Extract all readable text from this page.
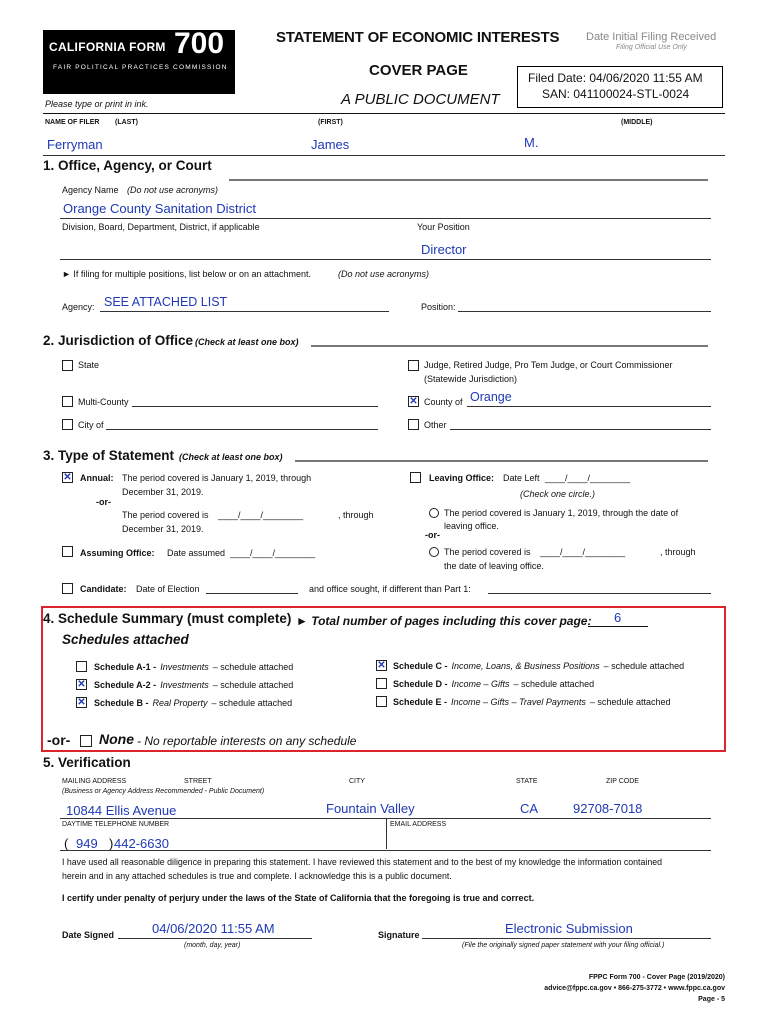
CALIFORNIA FORM 700
FAIR POLITICAL PRACTICES COMMISSION
STATEMENT OF ECONOMIC INTERESTS
COVER PAGE
A PUBLIC DOCUMENT
Please type or print in ink.
Date Initial Filing Received
Filing Official Use Only
Filed Date: 04/06/2020 11:55 AM
SAN: 041100024-STL-0024
NAME OF FILER (LAST)	(FIRST)	(MIDDLE)
Ferryman	James	M.
1. Office, Agency, or Court
Agency Name (Do not use acronyms)
Orange County Sanitation District
Division, Board, Department, District, if applicable	Your Position
Director
► If filing for multiple positions, list below or on an attachment.	(Do not use acronyms)
Agency: SEE ATTACHED LIST	Position:
2. Jurisdiction of Office (Check at least one box)
State	Judge, Retired Judge, Pro Tem Judge, or Court Commissioner
(Statewide Jurisdiction)
Multi-County	✕ County of Orange
City of	Other
3. Type of Statement (Check at least one box)
✕ Annual: The period covered is January 1, 2019, through
December 31, 2019.
-or-
The period covered is ____/____/________	, through
December 31, 2019.
Assuming Office: Date assumed ____/____/________
Leaving Office: Date Left ____/____/________
(Check one circle.)
The period covered is January 1, 2019, through the date of
leaving office.
-or-
The period covered is ____/____/________	, through
the date of leaving office.
Candidate: Date of Election	and office sought, if different than Part 1:
4. Schedule Summary (must complete) ► Total number of pages including this cover page: 6
Schedules attached
Schedule A-1 - Investments – schedule attached
✕ Schedule A-2 - Investments – schedule attached
✕ Schedule B - Real Property – schedule attached
✕ Schedule C - Income, Loans, & Business Positions – schedule attached
Schedule D - Income – Gifts – schedule attached
Schedule E - Income – Gifts – Travel Payments – schedule attached
-or- None - No reportable interests on any schedule
5. Verification
MAILING ADDRESS	STREET	CITY	STATE	ZIP CODE
(Business or Agency Address Recommended - Public Document)
10844 Ellis Avenue	Fountain Valley	CA	92708-7018
DAYTIME TELEPHONE NUMBER	EMAIL ADDRESS
( 949 ) 442-6630
I have used all reasonable diligence in preparing this statement. I have reviewed this statement and to the best of my knowledge the information contained
herein and in any attached schedules is true and complete. I acknowledge this is a public document.
I certify under penalty of perjury under the laws of the State of California that the foregoing is true and correct.
Date Signed	04/06/2020 11:55 AM
(month, day, year)
Signature	Electronic Submission
(File the originally signed paper statement with your filing official.)
FPPC Form 700 - Cover Page (2019/2020)
advice@fppc.ca.gov • 866-275-3772 • www.fppc.ca.gov
Page - 5
